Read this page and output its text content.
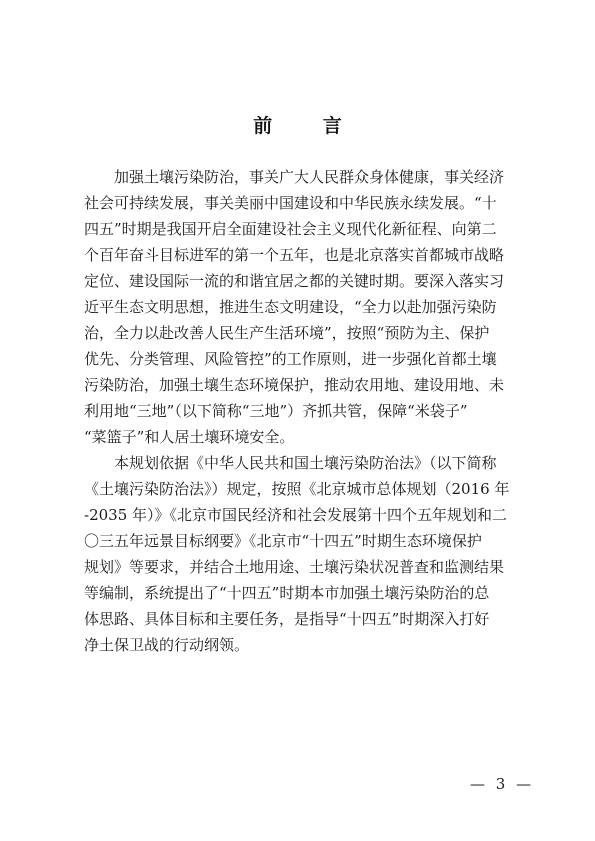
前 言
加强土壤污染防治，事关广大人民群众身体健康，事关经济
社会可持续发展，事关美丽中国建设和中华民族永续发展。“十
四五”时期是我国开启全面建设社会主义现代化新征程、向第二
个百年奋斗目标进军的第一个五年，也是北京落实首都城市战略
定位、建设国际一流的和谐宜居之都的关键时期。要深入落实习
近平生态文明思想，推进生态文明建设，“全力以赴加强污染防
治，全力以赴改善人民生产生活环境”，按照“预防为主、保护
优先、分类管理、风险管控”的工作原则，进一步强化首都土壤
污染防治，加强土壤生态环境保护，推动农用地、建设用地、未
利用地“三地”（以下简称“三地”）齐抓共管，保障“米袋子”
“菜篮子”和人居土壤环境安全。
本规划依据《中华人民共和国土壤污染防治法》（以下简称
《土壤污染防治法》）规定，按照《北京城市总体规划（2016 年
-2035 年）》《北京市国民经济和社会发展第十四个五年规划和二
〇三五年远景目标纲要》《北京市“十四五”时期生态环境保护
规划》等要求，并结合土地用途、土壤污染状况普查和监测结果
等编制，系统提出了“十四五”时期本市加强土壤污染防治的总
体思路、具体目标和主要任务，是指导“十四五”时期深入打好
净土保卫战的行动纲领。
— 3 —
